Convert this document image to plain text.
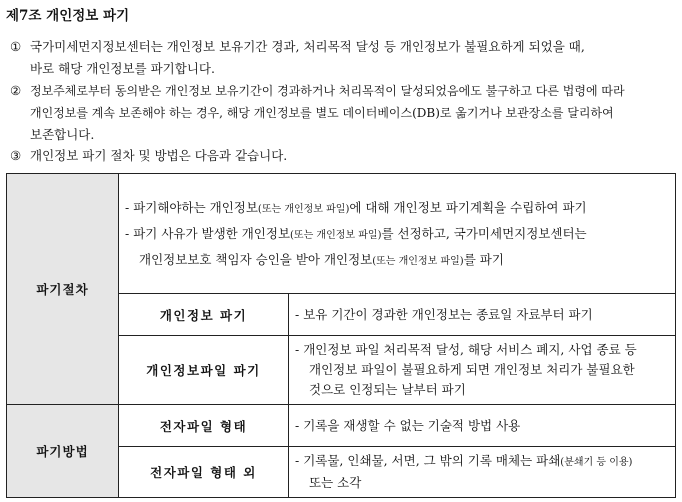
제7조 개인정보 파기
① 국가미세먼지정보센터는 개인정보 보유기간 경과, 처리목적 달성 등 개인정보가 불필요하게 되었을 때,
바로 해당 개인정보를 파기합니다.
② 정보주체로부터 동의받은 개인정보 보유기간이 경과하거나 처리목적이 달성되었음에도 불구하고 다른 법령에 따라
개인정보를 계속 보존해야 하는 경우, 해당 개인정보를 별도 데이터베이스(DB)로 옮기거나 보관장소를 달리하여
보존합니다.
③ 개인정보 파기 절차 및 방법은 다음과 같습니다.
파기절차	- 파기해야하는 개인정보(또는 개인정보 파일)에 대해 개인정보 파기계획을 수립하여 파기
- 파기 사유가 발생한 개인정보(또는 개인정보 파일)를 선정하고, 국가미세먼지정보센터는
개인정보보호 책임자 승인을 받아 개인정보(또는 개인정보 파일)를 파기	

	개인정보 파기	- 보유 기간이 경과한 개인정보는 종료일 자료부터 파기
	개인정보파일 파기	- 개인정보 파일 처리목적 달성, 해당 서비스 폐지, 사업 종료 등
개인정보 파일이 불필요하게 되면 개인정보 처리가 불필요한
것으로 인정되는 날부터 파기

파기방법	전자파일 형태	- 기록을 재생할 수 없는 기술적 방법 사용
	전자파일 형태 외	- 기록물, 인쇄물, 서면, 그 밖의 기록 매체는 파쇄(분쇄기 등 이용)
또는 소각
